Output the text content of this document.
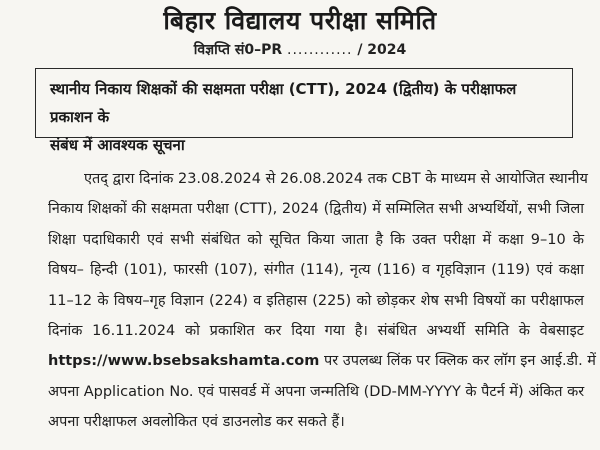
बिहार विद्यालय परीक्षा समिति
विज्ञप्ति सं0–PR ............ / 2024
स्थानीय निकाय शिक्षकों की सक्षमता परीक्षा (CTT), 2024 (द्वितीय) के परीक्षाफल प्रकाशन के
संबंध में आवश्यक सूचना
एतद् द्वारा दिनांक 23.08.2024 से 26.08.2024 तक CBT के माध्यम से आयोजित स्थानीय
निकाय शिक्षकों की सक्षमता परीक्षा (CTT), 2024 (द्वितीय) में सम्मिलित सभी अभ्यर्थियों, सभी जिला
शिक्षा पदाधिकारी एवं सभी संबंधित को सूचित किया जाता है कि उक्त परीक्षा में कक्षा 9–10 के
विषय– हिन्दी (101), फारसी (107), संगीत (114), नृत्य (116) व गृहविज्ञान (119) एवं कक्षा
11–12 के विषय–गृह विज्ञान (224) व इतिहास (225) को छोड़कर शेष सभी विषयों का परीक्षाफल
दिनांक 16.11.2024 को प्रकाशित कर दिया गया है। संबंधित अभ्यर्थी समिति के वेबसाइट
https://www.bsebsakshamta.com पर उपलब्ध लिंक पर क्लिक कर लॉग इन आई.डी. में
अपना Application No. एवं पासवर्ड में अपना जन्मतिथि (DD-MM-YYYY के पैटर्न में) अंकित कर
अपना परीक्षाफल अवलोकित एवं डाउनलोड कर सकते हैं।
